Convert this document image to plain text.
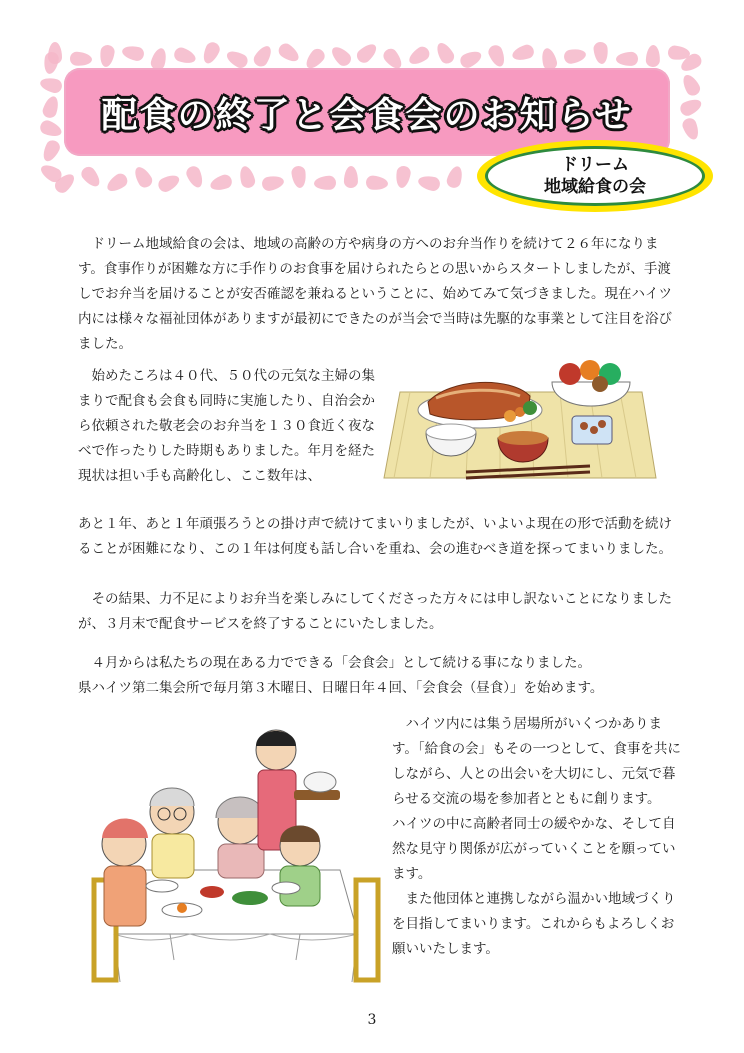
配食の終了と会食会のお知らせ
ドリーム
地域給食の会

ドリーム地域給食の会は、地域の高齢の方や病身の方へのお弁当作りを続けて２６年になります。食事作りが困難な方に手作りのお食事を届けられたらとの思いからスタートしましたが、手渡しでお弁当を届けることが安否確認を兼ねるということに、始めてみて気づきました。現在ハイツ内には様々な福祉団体がありますが最初にできたのが当会で当時は先駆的な事業として注目を浴びました。

始めたころは４０代、５０代の元気な主婦の集まりで配食も会食も同時に実施したり、自治会から依頼された敬老会のお弁当を１３０食近く夜なべで作ったりした時期もありました。年月を経た現状は担い手も高齢化し、ここ数年は、

あと１年、あと１年頑張ろうとの掛け声で続けてまいりましたが、いよいよ現在の形で活動を続けることが困難になり、この１年は何度も話し合いを重ね、会の進むべき道を探ってまいりました。

その結果、力不足によりお弁当を楽しみにしてくださった方々には申し訳ないことになりましたが、３月末で配食サービスを終了することにいたしました。

４月からは私たちの現在ある力でできる「会食会」として続ける事になりました。
県ハイツ第二集会所で毎月第３木曜日、日曜日年４回、「会食会（昼食）」を始めます。
ハイツ内には集う居場所がいくつかあります。「給食の会」もその一つとして、食事を共にしながら、人との出会いを大切にし、元気で暮らせる交流の場を参加者とともに創ります。
ハイツの中に高齢者同士の緩やかな、そして自然な見守り関係が広がっていくことを願っています。
また他団体と連携しながら温かい地域づくりを目指してまいります。これからもよろしくお願いいたします。
3
